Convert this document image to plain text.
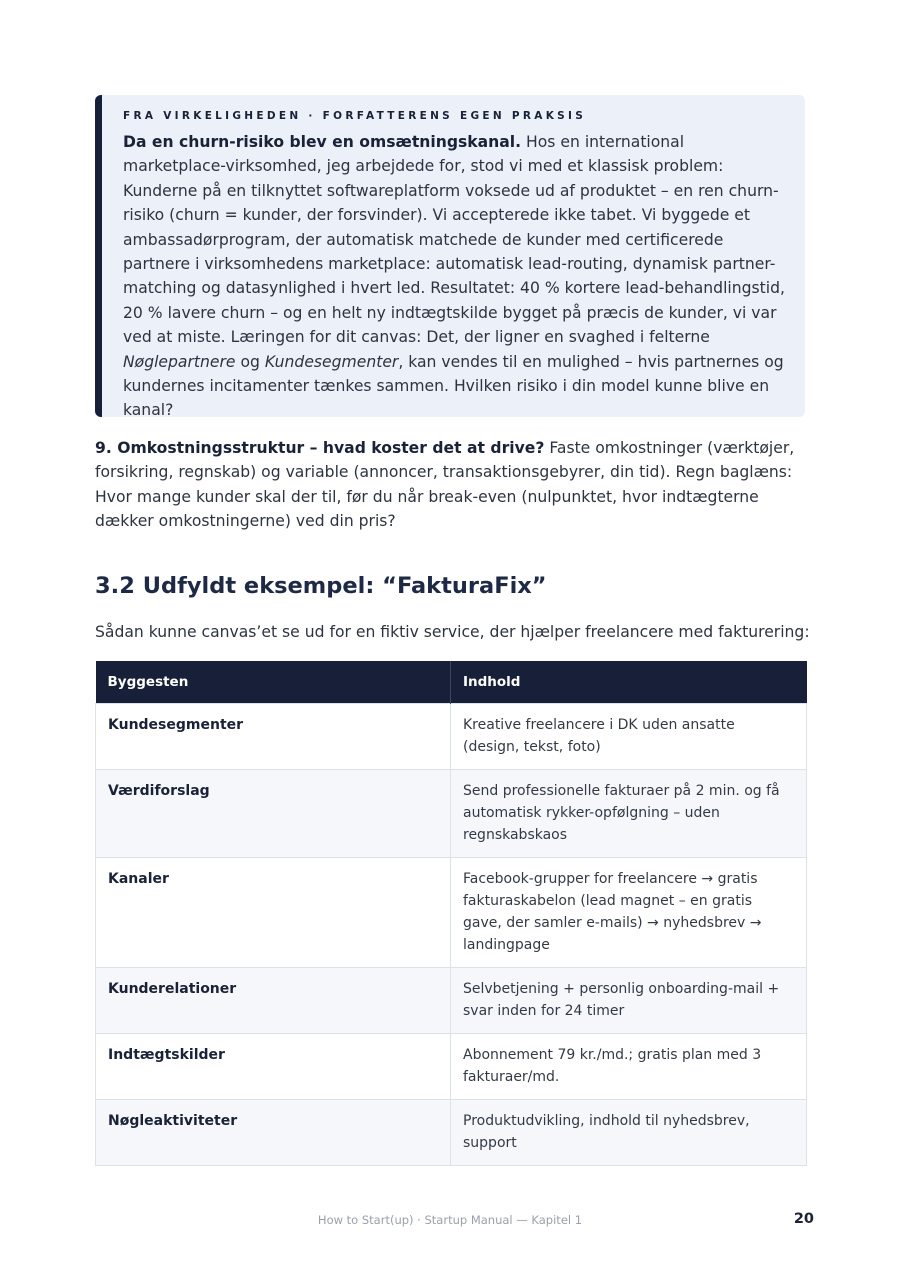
FRA VIRKELIGHEDEN · FORFATTERENS EGEN PRAKSIS

Da en churn-risiko blev en omsætningskanal. Hos en international marketplace-virksomhed, jeg arbejdede for, stod vi med et klassisk problem: Kunderne på en tilknyttet softwareplatform voksede ud af produktet – en ren churn-risiko (churn = kunder, der forsvinder). Vi accepterede ikke tabet. Vi byggede et ambassadørprogram, der automatisk matchede de kunder med certificerede partnere i virksomhedens marketplace: automatisk lead-routing, dynamisk partner-matching og datasynlighed i hvert led. Resultatet: 40 % kortere lead-behandlingstid, 20 % lavere churn – og en helt ny indtægtskilde bygget på præcis de kunder, vi var ved at miste. Læringen for dit canvas: Det, der ligner en svaghed i felterne Nøglepartnere og Kundesegmenter, kan vendes til en mulighed – hvis partnernes og kundernes incitamenter tænkes sammen. Hvilken risiko i din model kunne blive en kanal?

9. Omkostningsstruktur – hvad koster det at drive? Faste omkostninger (værktøjer, forsikring, regnskab) og variable (annoncer, transaktionsgebyrer, din tid). Regn baglæns: Hvor mange kunder skal der til, før du når break-even (nulpunktet, hvor indtægterne dækker omkostningerne) ved din pris?

3.2 Udfyldt eksempel: “FakturaFix”

Sådan kunne canvas’et se ud for en fiktiv service, der hjælper freelancere med fakturering:

Byggesten	Indhold
Kundesegmenter	Kreative freelancere i DK uden ansatte (design, tekst, foto)
Værdiforslag	Send professionelle fakturaer på 2 min. og få automatisk rykker-opfølgning – uden regnskabskaos
Kanaler	Facebook-grupper for freelancere → gratis fakturaskabelon (lead magnet – en gratis gave, der samler e-mails) → nyhedsbrev → landingpage
Kunderelationer	Selvbetjening + personlig onboarding-mail + svar inden for 24 timer
Indtægtskilder	Abonnement 79 kr./md.; gratis plan med 3 fakturaer/md.
Nøgleaktiviteter	Produktudvikling, indhold til nyhedsbrev, support
How to Start(up) · Startup Manual — Kapitel 1	20
